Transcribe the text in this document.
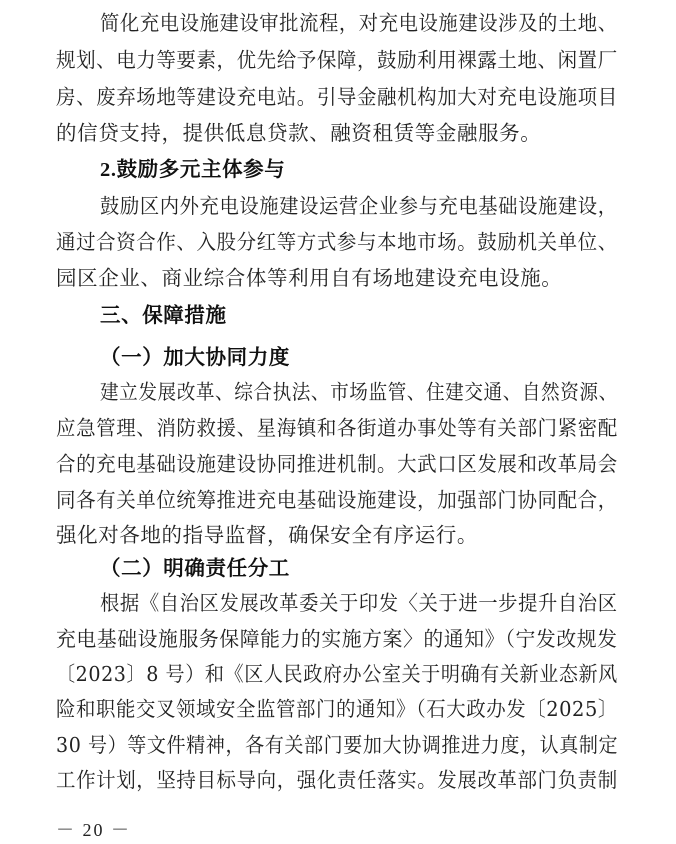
简化充电设施建设审批流程，对充电设施建设涉及的土地、
规划、电力等要素，优先给予保障，鼓励利用裸露土地、闲置厂
房、废弃场地等建设充电站。引导金融机构加大对充电设施项目
的信贷支持，提供低息贷款、融资租赁等金融服务。
2.鼓励多元主体参与
鼓励区内外充电设施建设运营企业参与充电基础设施建设，
通过合资合作、入股分红等方式参与本地市场。鼓励机关单位、
园区企业、商业综合体等利用自有场地建设充电设施。
三、保障措施
（一）加大协同力度
建立发展改革、综合执法、市场监管、住建交通、自然资源、
应急管理、消防救援、星海镇和各街道办事处等有关部门紧密配
合的充电基础设施建设协同推进机制。大武口区发展和改革局会
同各有关单位统筹推进充电基础设施建设，加强部门协同配合，
强化对各地的指导监督，确保安全有序运行。
（二）明确责任分工
根据《自治区发展改革委关于印发〈关于进一步提升自治区
充电基础设施服务保障能力的实施方案〉的通知》（宁发改规发
〔2023〕8 号）和《区人民政府办公室关于明确有关新业态新风
险和职能交叉领域安全监管部门的通知》（石大政办发〔2025〕
30 号）等文件精神，各有关部门要加大协调推进力度，认真制定
工作计划，坚持目标导向，强化责任落实。发展改革部门负责制
－ 20 －
